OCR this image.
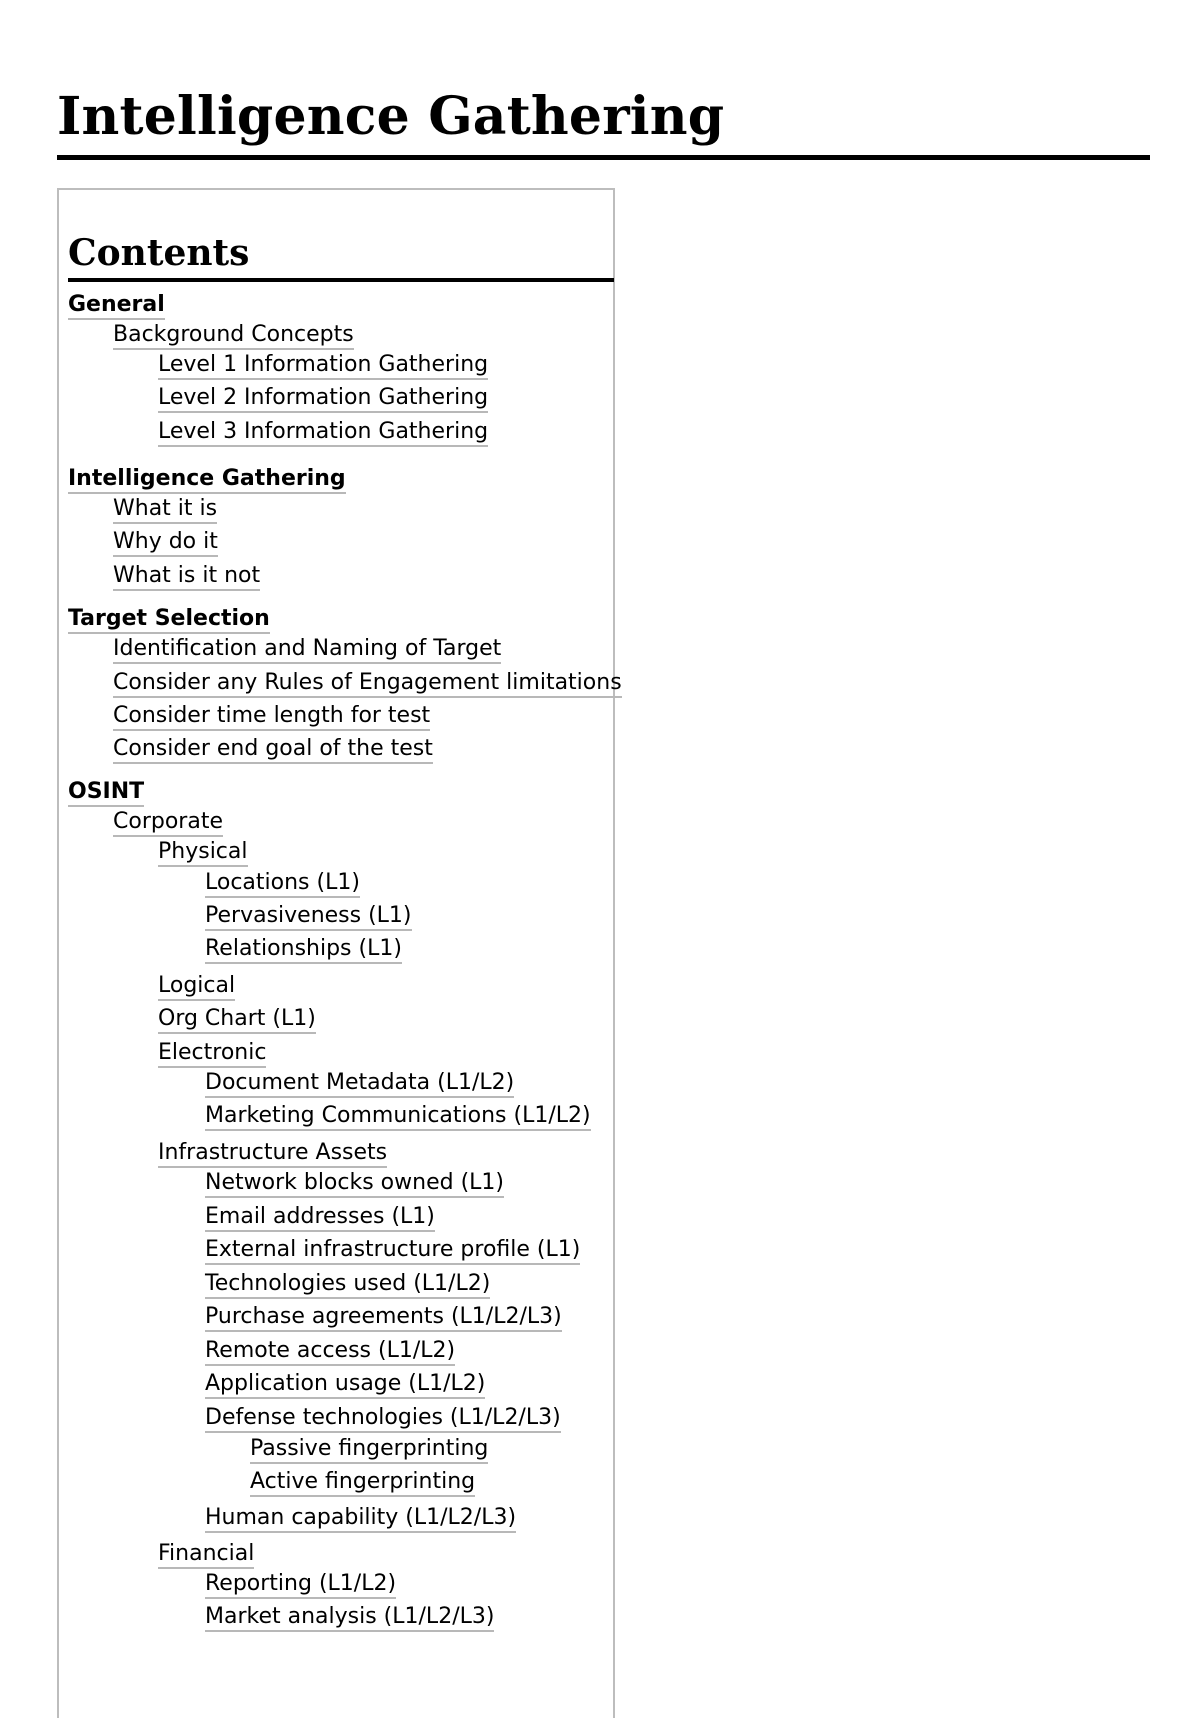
Intelligence Gathering
Contents
General
Background Concepts
Level 1 Information Gathering
Level 2 Information Gathering
Level 3 Information Gathering
Intelligence Gathering
What it is
Why do it
What is it not
Target Selection
Identification and Naming of Target
Consider any Rules of Engagement limitations
Consider time length for test
Consider end goal of the test
OSINT
Corporate
Physical
Locations (L1)
Pervasiveness (L1)
Relationships (L1)
Logical
Org Chart (L1)
Electronic
Document Metadata (L1/L2)
Marketing Communications (L1/L2)
Infrastructure Assets
Network blocks owned (L1)
Email addresses (L1)
External infrastructure profile (L1)
Technologies used (L1/L2)
Purchase agreements (L1/L2/L3)
Remote access (L1/L2)
Application usage (L1/L2)
Defense technologies (L1/L2/L3)
Passive fingerprinting
Active fingerprinting
Human capability (L1/L2/L3)
Financial
Reporting (L1/L2)
Market analysis (L1/L2/L3)
